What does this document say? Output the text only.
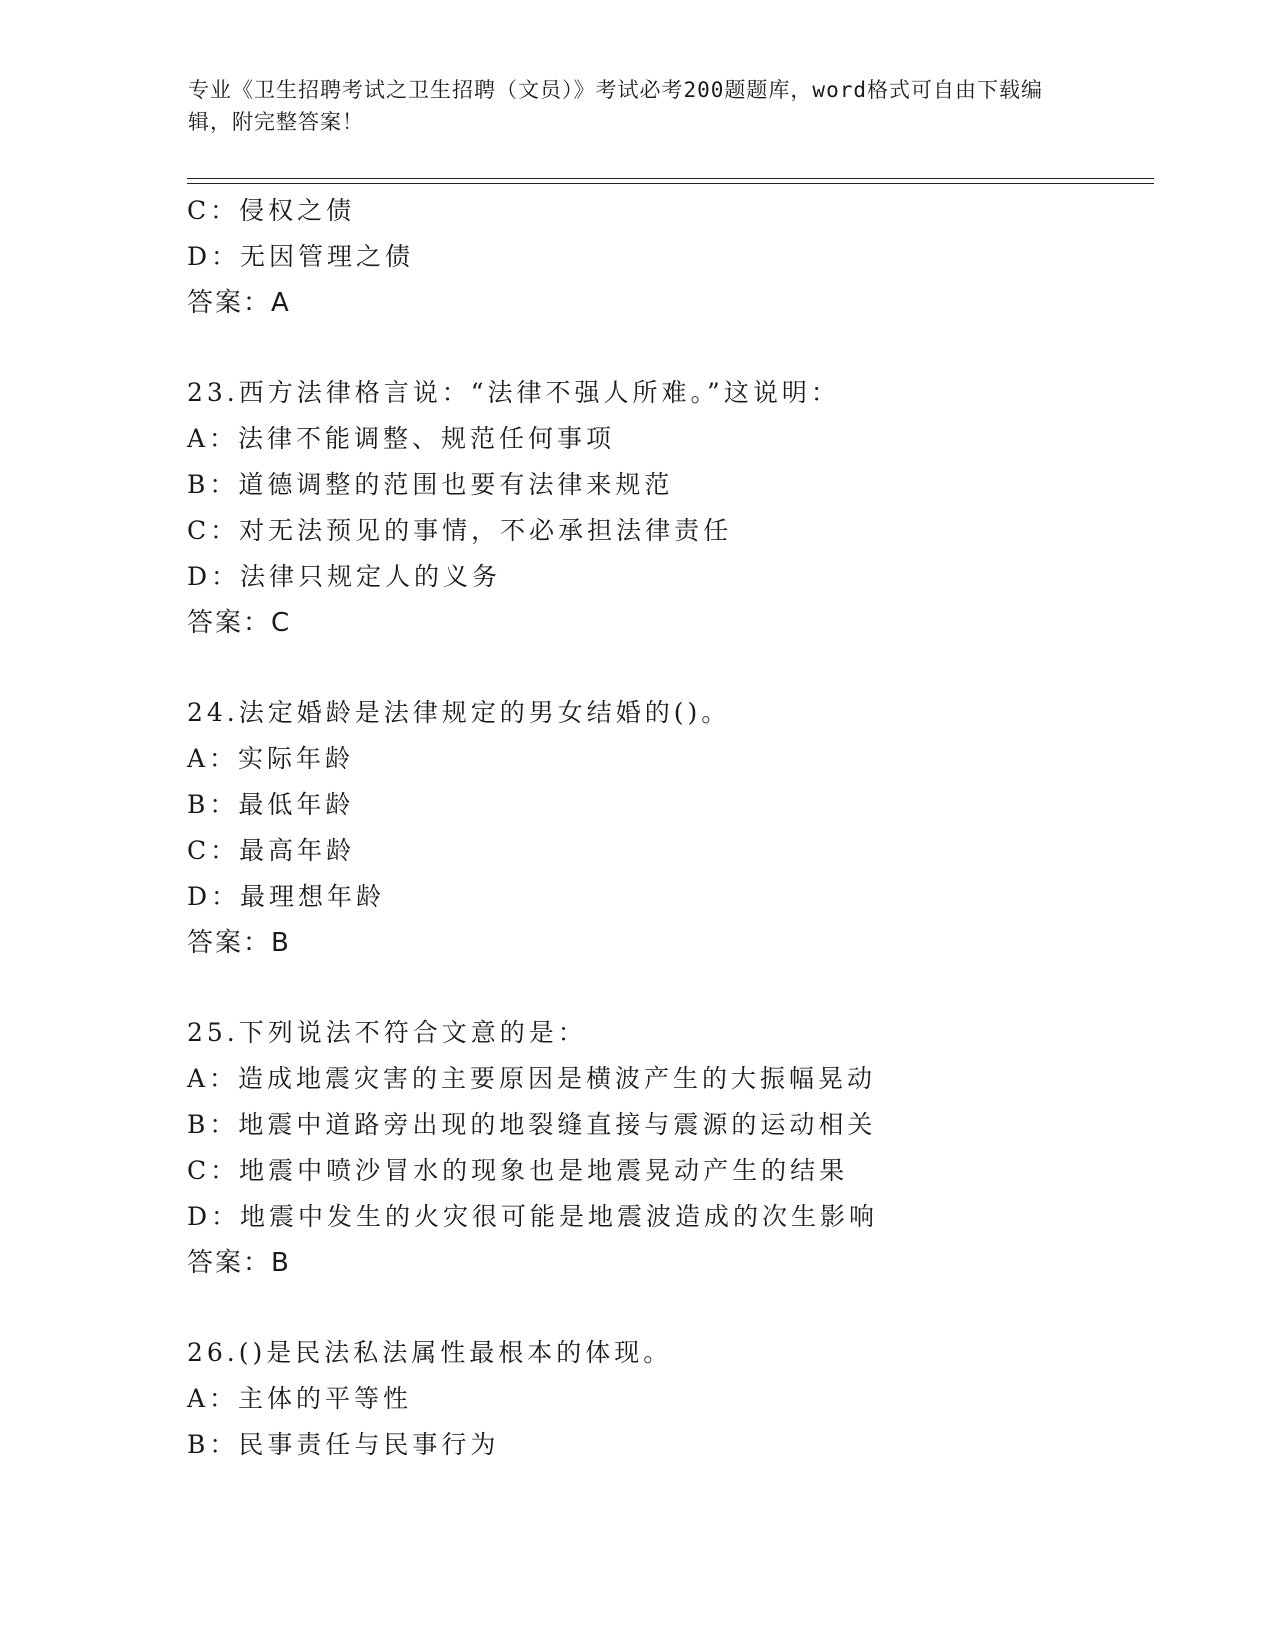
专业《卫生招聘考试之卫生招聘（文员）》考试必考200题题库，word格式可自由下载编辑，附完整答案！
C：侵权之债
D：无因管理之债
答案：A
23.西方法律格言说：“法律不强人所难。”这说明：
A：法律不能调整、规范任何事项
B：道德调整的范围也要有法律来规范
C：对无法预见的事情，不必承担法律责任
D：法律只规定人的义务
答案：C
24.法定婚龄是法律规定的男女结婚的()。
A：实际年龄
B：最低年龄
C：最高年龄
D：最理想年龄
答案：B
25.下列说法不符合文意的是：
A：造成地震灾害的主要原因是横波产生的大振幅晃动
B：地震中道路旁出现的地裂缝直接与震源的运动相关
C：地震中喷沙冒水的现象也是地震晃动产生的结果
D：地震中发生的火灾很可能是地震波造成的次生影响
答案：B
26.()是民法私法属性最根本的体现。
A：主体的平等性
B：民事责任与民事行为
